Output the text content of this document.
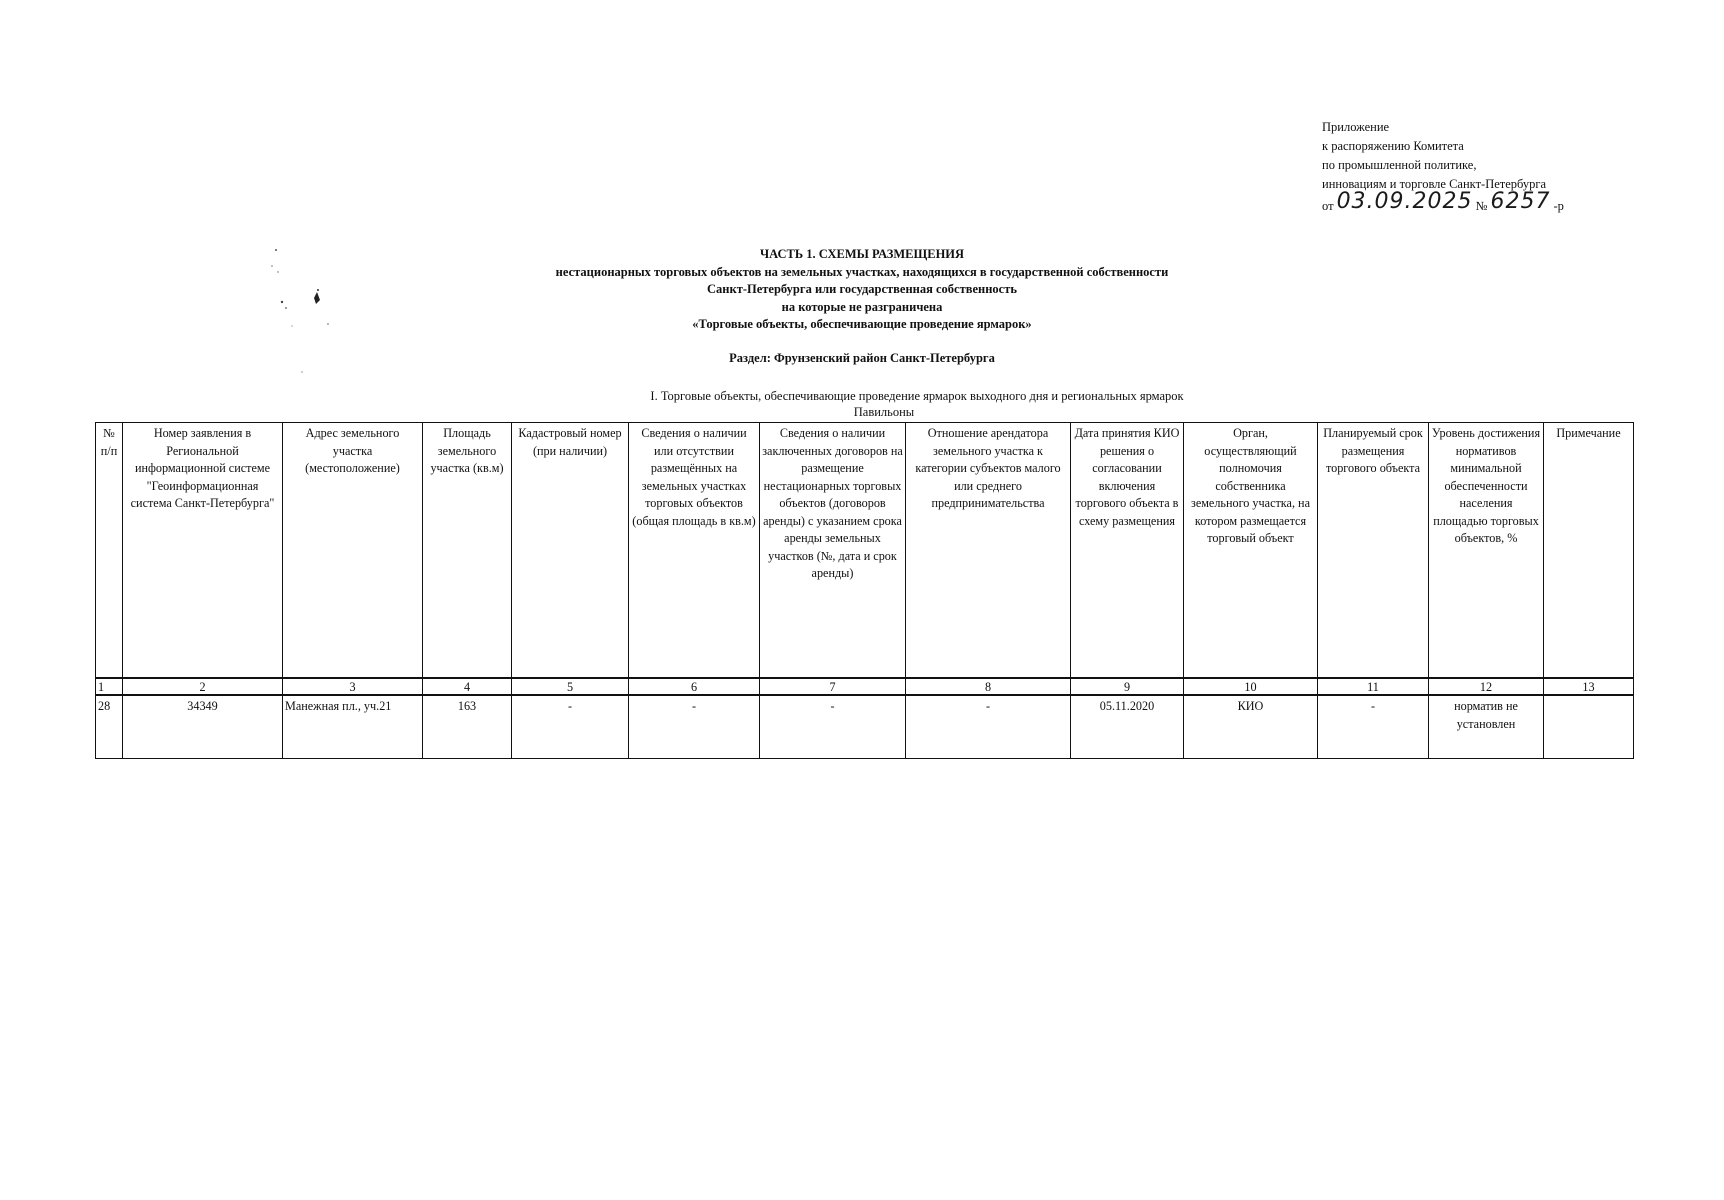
Приложение
к распоряжению Комитета
по промышленной политике,
инновациям и торговле Санкт-Петербурга
от 03.09.2025 № 6257 -р
ЧАСТЬ 1. СХЕМЫ РАЗМЕЩЕНИЯ
нестационарных торговых объектов на земельных участках, находящихся в государственной собственности
Санкт-Петербурга или государственная собственность
на которые не разграничена
«Торговые объекты, обеспечивающие проведение ярмарок»
Раздел: Фрунзенский район Санкт-Петербурга
I. Торговые объекты, обеспечивающие проведение ярмарок выходного дня и региональных ярмарок
Павильоны
№ п/п	Номер заявления в Региональной информационной системе "Геоинформационная система Санкт-Петербурга"	Адрес земельного участка (местоположение)	Площадь земельного участка (кв.м)	Кадастровый номер (при наличии)	Сведения о наличии или отсутствии размещённых на земельных участках торговых объектов (общая площадь в кв.м)	Сведения о наличии заключенных договоров на размещение нестационарных торговых объектов (договоров аренды) с указанием срока аренды земельных участков (№, дата и срок аренды)	Отношение арендатора земельного участка к категории субъектов малого или среднего предпринимательства	Дата принятия КИО решения о согласовании включения торгового объекта в схему размещения	Орган, осуществляющий полномочия собственника земельного участка, на котором размещается торговый объект	Планируемый срок размещения торгового объекта	Уровень достижения нормативов минимальной обеспеченности населения площадью торговых объектов, %	Примечание
1	2	3	4	5	6	7	8	9	10	11	12	13
28	34349	Манежная пл., уч.21	163	-	-	-	-	05.11.2020	КИО	-	норматив не установлен	
